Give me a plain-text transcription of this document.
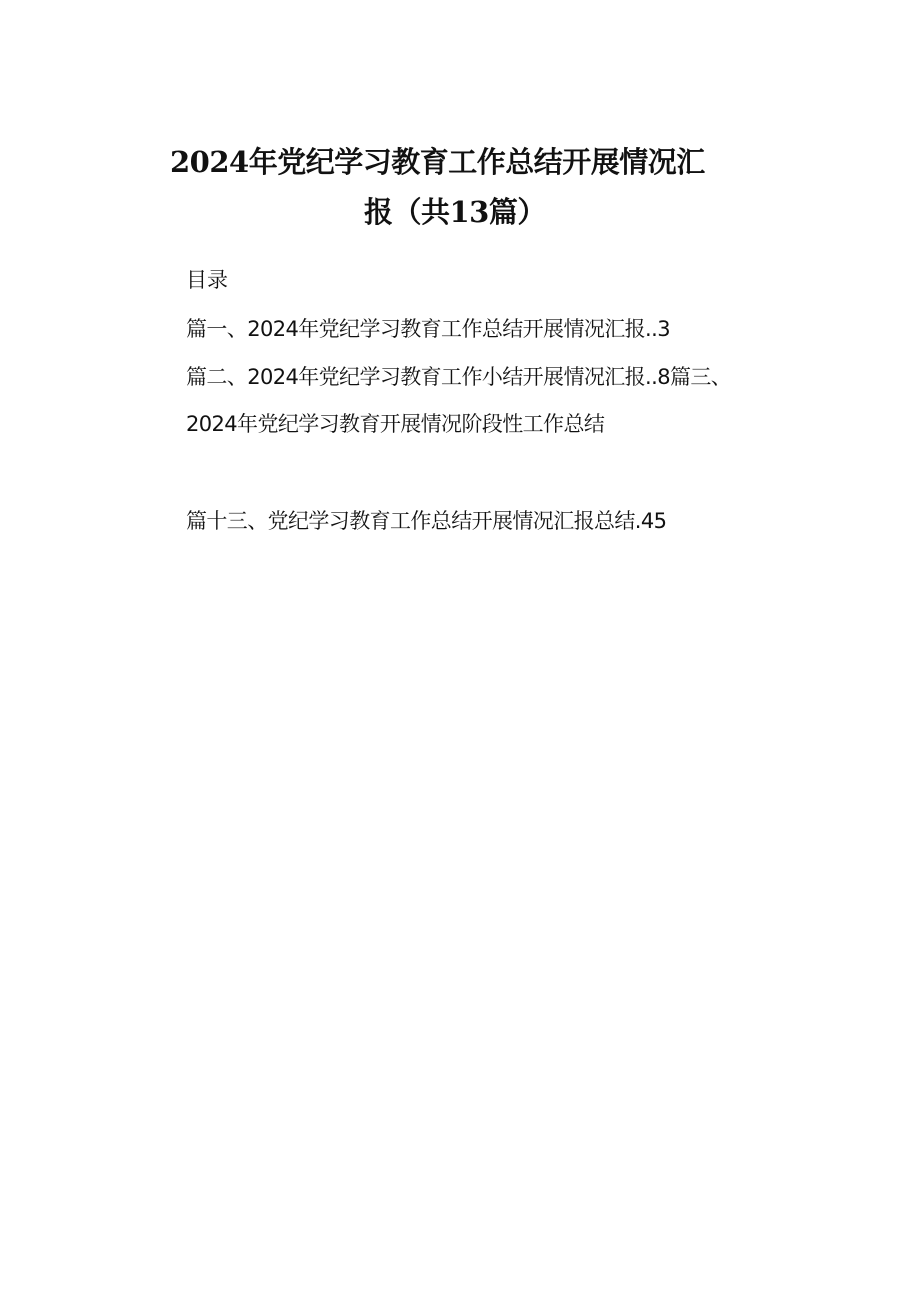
2024年党纪学习教育工作总结开展情况汇
报（共13篇）
目录
篇一、2024年党纪学习教育工作总结开展情况汇报..3
篇二、2024年党纪学习教育工作小结开展情况汇报..8篇三、
2024年党纪学习教育开展情况阶段性工作总结
篇十三、党纪学习教育工作总结开展情况汇报总结.45
